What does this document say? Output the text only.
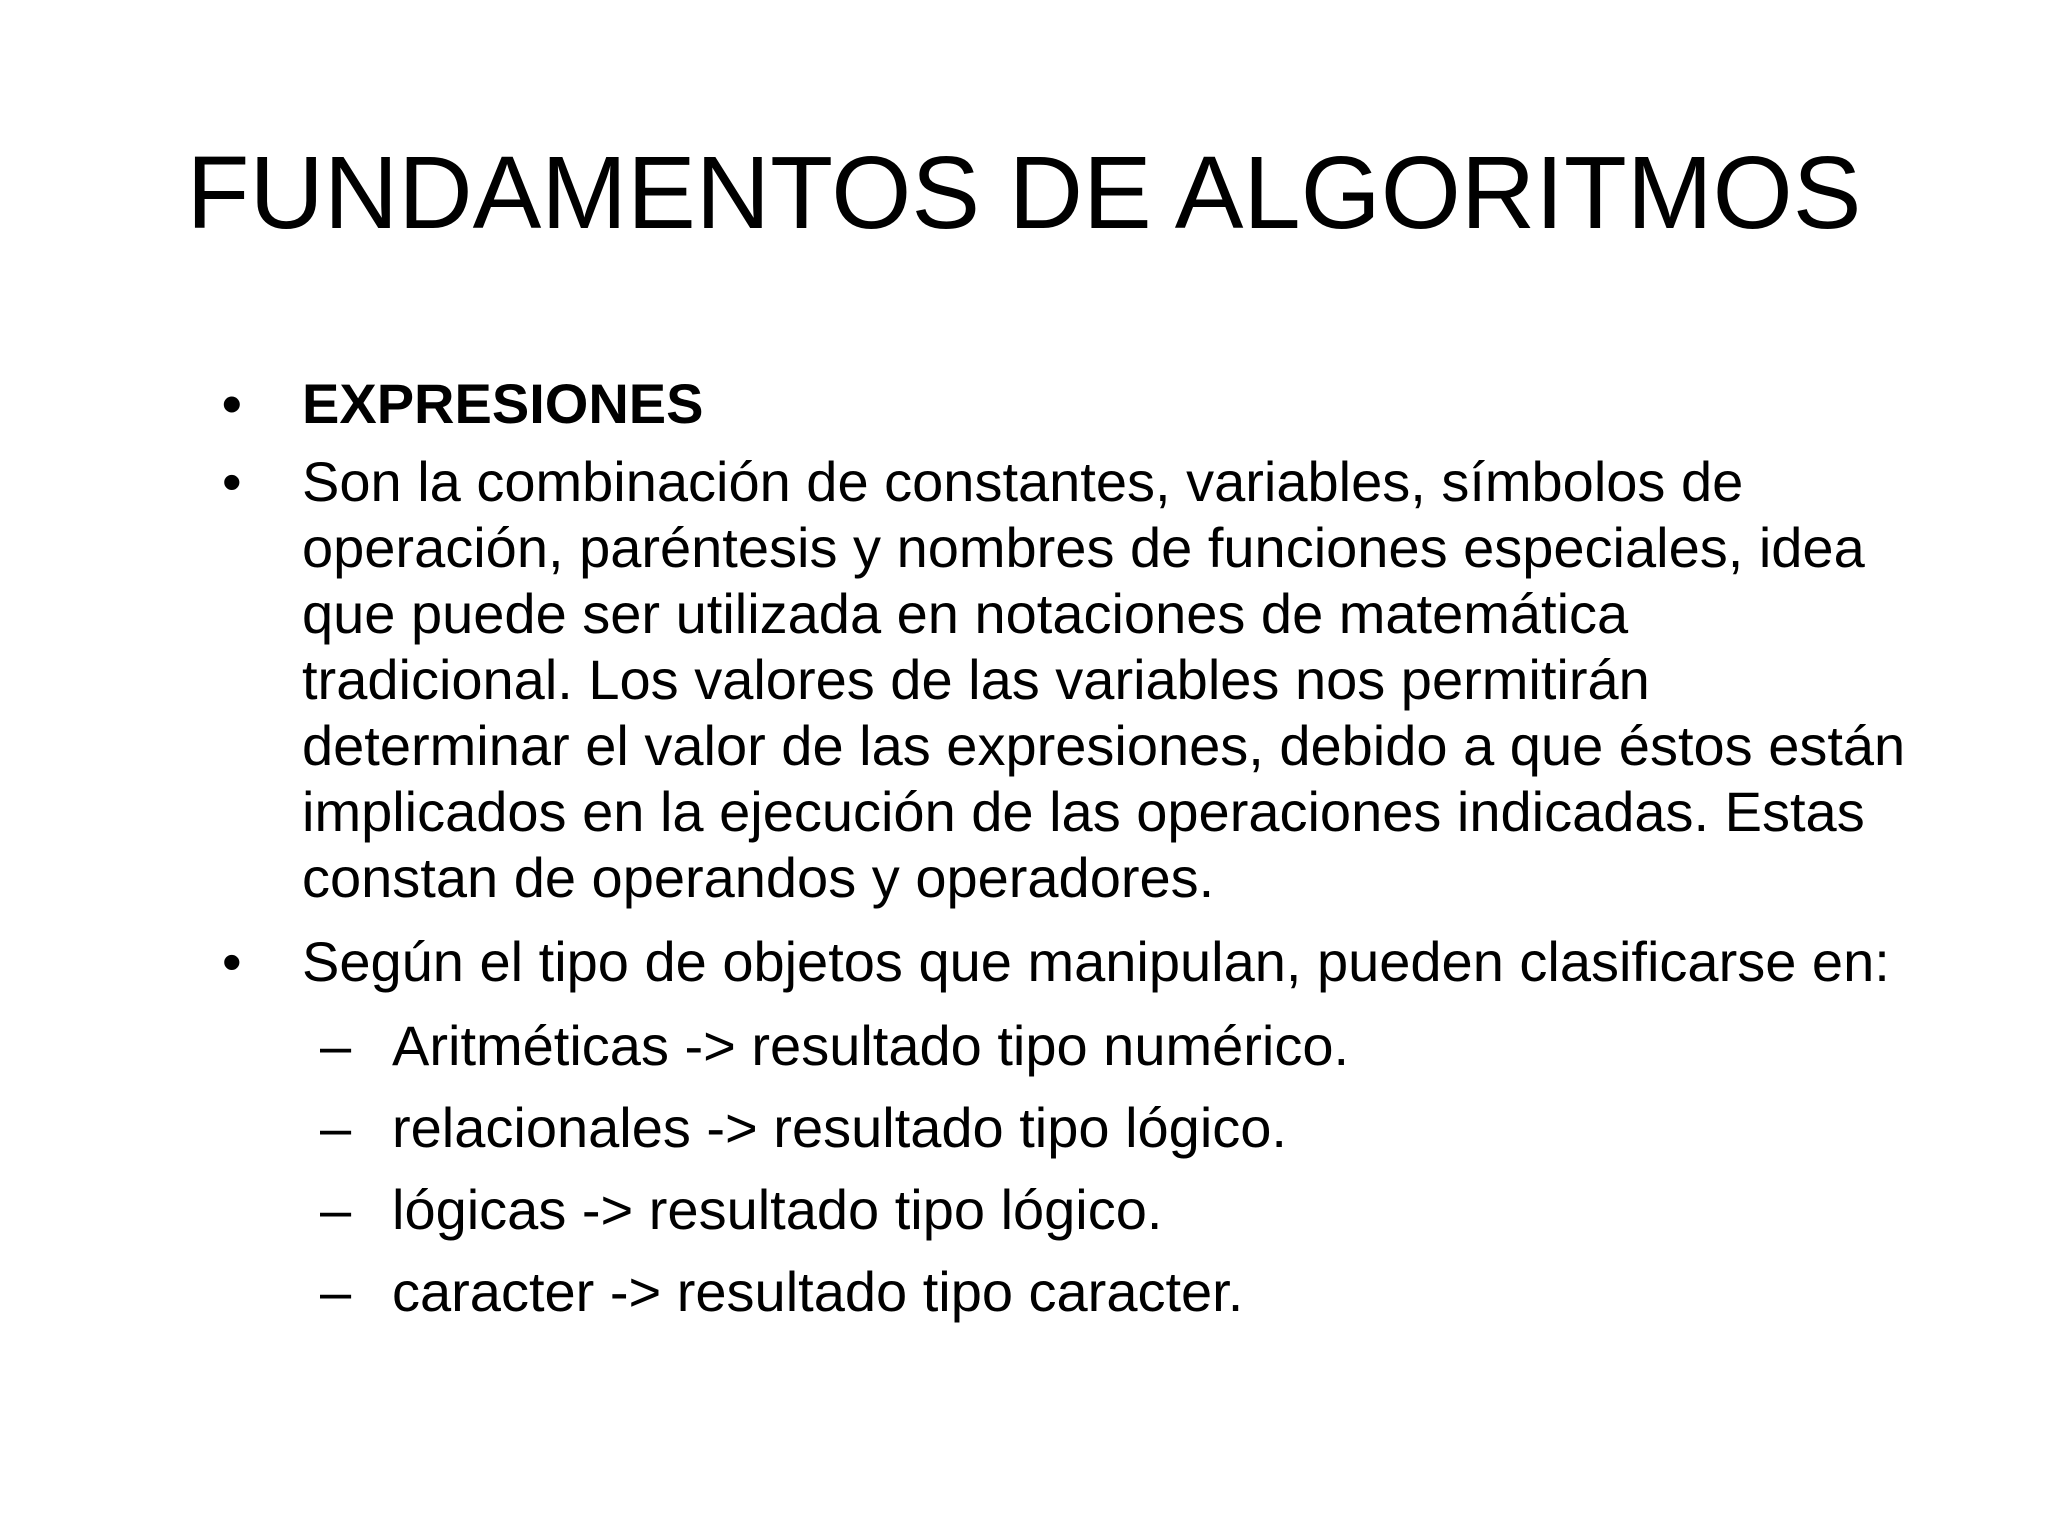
FUNDAMENTOS DE ALGORITMOS
• EXPRESIONES
• Son la combinación de constantes, variables, símbolos de operación, paréntesis y nombres de funciones especiales, idea que puede ser utilizada en notaciones de matemática tradicional. Los valores de las variables nos permitirán determinar el valor de las expresiones, debido a que éstos están implicados en la ejecución de las operaciones indicadas. Estas constan de operandos y operadores.
• Según el tipo de objetos que manipulan, pueden clasificarse en:
– Aritméticas -> resultado tipo numérico.
– relacionales -> resultado tipo lógico.
– lógicas -> resultado tipo lógico.
– caracter -> resultado tipo caracter.
